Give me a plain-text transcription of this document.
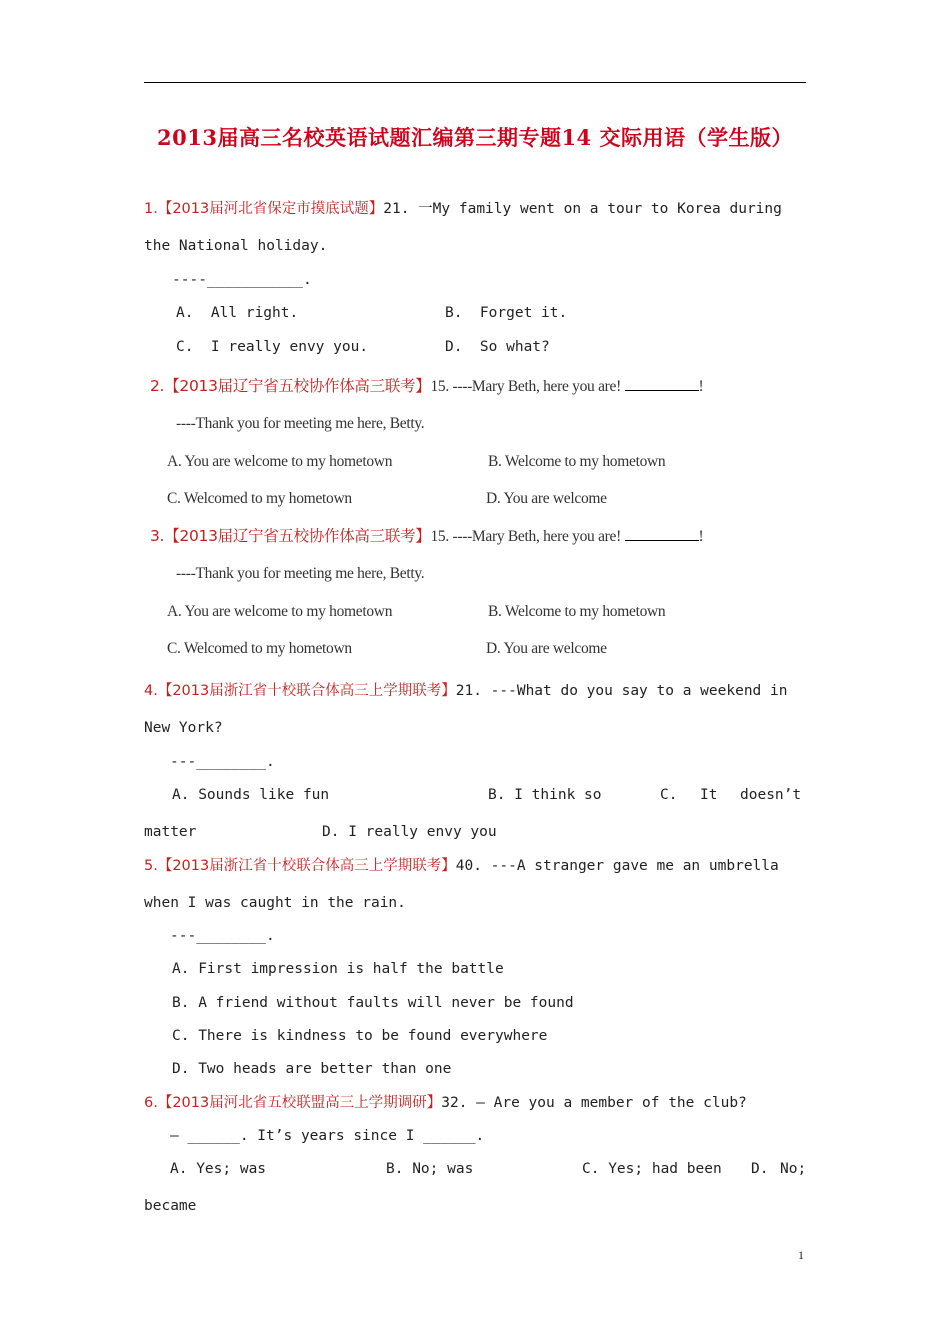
2013届高三名校英语试题汇编第三期专题14 交际用语（学生版）
1.【2013届河北省保定市摸底试题】21. 一My family went on a tour to Korea during
the National holiday.
----___________.
A.  All right.	B.  Forget it.
C.  I really envy you.	D.  So what?
2.【2013届辽宁省五校协作体高三联考】15. ----Mary Beth, here you are!	!
----Thank you for meeting me here, Betty.
A. You are welcome to my hometown	B. Welcome to my hometown
C. Welcomed to my hometown	D. You are welcome
3.【2013届辽宁省五校协作体高三联考】15. ----Mary Beth, here you are!	!
----Thank you for meeting me here, Betty.
A. You are welcome to my hometown	B. Welcome to my hometown
C. Welcomed to my hometown	D. You are welcome
4.【2013届浙江省十校联合体高三上学期联考】21. ---What do you say to a weekend in
New York?
---________.
A. Sounds like fun	B. I think so	C. It doesn’t
matter	D. I really envy you
5.【2013届浙江省十校联合体高三上学期联考】40. ---A stranger gave me an umbrella
when I was caught in the rain.
---________.
A. First impression is half the battle
B. A friend without faults will never be found
C. There is kindness to be found everywhere
D. Two heads are better than one
6.【2013届河北省五校联盟高三上学期调研】32. — Are you a member of the club?
— ______. It’s years since I ______.
A. Yes; was	B. No; was	C. Yes; had been D. No;
became
1
